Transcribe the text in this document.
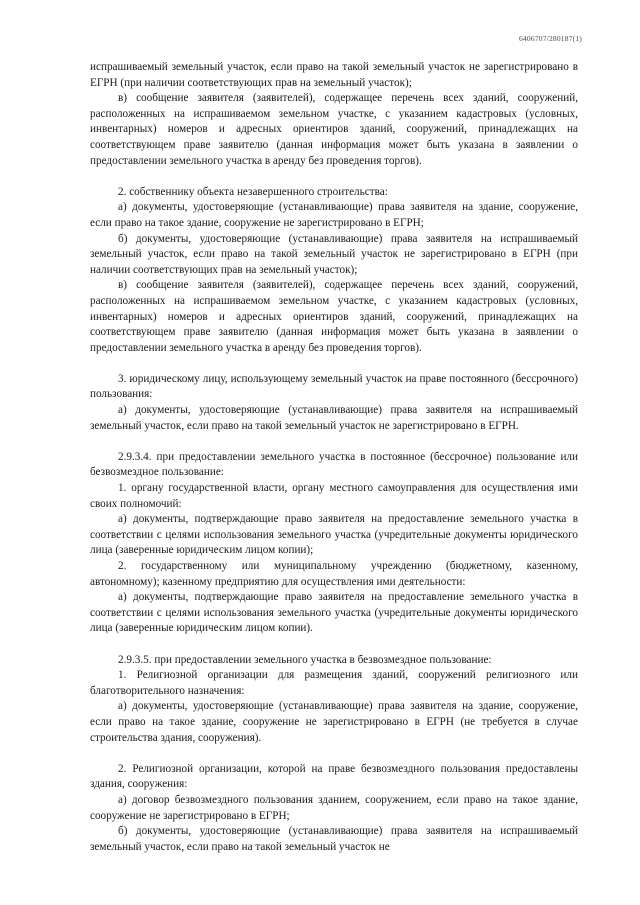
6406707/280187(1)

испрашиваемый земельный участок, если право на такой земельный участок не зарегистрировано в ЕГРН (при наличии соответствующих прав на земельный участок);

в) сообщение заявителя (заявителей), содержащее перечень всех зданий, сооружений, расположенных на испрашиваемом земельном участке, с указанием кадастровых (условных, инвентарных) номеров и адресных ориентиров зданий, сооружений, принадлежащих на соответствующем праве заявителю (данная информация может быть указана в заявлении о предоставлении земельного участка в аренду без проведения торгов).

2. собственнику объекта незавершенного строительства:

а) документы, удостоверяющие (устанавливающие) права заявителя на здание, сооружение, если право на такое здание, сооружение не зарегистрировано в ЕГРН;

б) документы, удостоверяющие (устанавливающие) права заявителя на испрашиваемый земельный участок, если право на такой земельный участок не зарегистрировано в ЕГРН (при наличии соответствующих прав на земельный участок);

в) сообщение заявителя (заявителей), содержащее перечень всех зданий, сооружений, расположенных на испрашиваемом земельном участке, с указанием кадастровых (условных, инвентарных) номеров и адресных ориентиров зданий, сооружений, принадлежащих на соответствующем праве заявителю (данная информация может быть указана в заявлении о предоставлении земельного участка в аренду без проведения торгов).

3. юридическому лицу, использующему земельный участок на праве постоянного (бессрочного) пользования:

а) документы, удостоверяющие (устанавливающие) права заявителя на испрашиваемый земельный участок, если право на такой земельный участок не зарегистрировано в ЕГРН.

2.9.3.4. при предоставлении земельного участка в постоянное (бессрочное) пользование или безвозмездное пользование:

1. органу государственной власти, органу местного самоуправления для осуществления ими своих полномочий:

а) документы, подтверждающие право заявителя на предоставление земельного участка в соответствии с целями использования земельного участка (учредительные документы юридического лица (заверенные юридическим лицом копии);

2. государственному или муниципальному учреждению (бюджетному, казенному, автономному); казенному предприятию для осуществления ими деятельности:

а) документы, подтверждающие право заявителя на предоставление земельного участка в соответствии с целями использования земельного участка (учредительные документы юридического лица (заверенные юридическим лицом копии).

2.9.3.5. при предоставлении земельного участка в безвозмездное пользование:

1. Религиозной организации для размещения зданий, сооружений религиозного или благотворительного назначения:

а) документы, удостоверяющие (устанавливающие) права заявителя на здание, сооружение, если право на такое здание, сооружение не зарегистрировано в ЕГРН (не требуется в случае строительства здания, сооружения).

2. Религиозной организации, которой на праве безвозмездного пользования предоставлены здания, сооружения:

а) договор безвозмездного пользования зданием, сооружением, если право на такое здание, сооружение не зарегистрировано в ЕГРН;

б) документы, удостоверяющие (устанавливающие) права заявителя на испрашиваемый земельный участок, если право на такой земельный участок не
